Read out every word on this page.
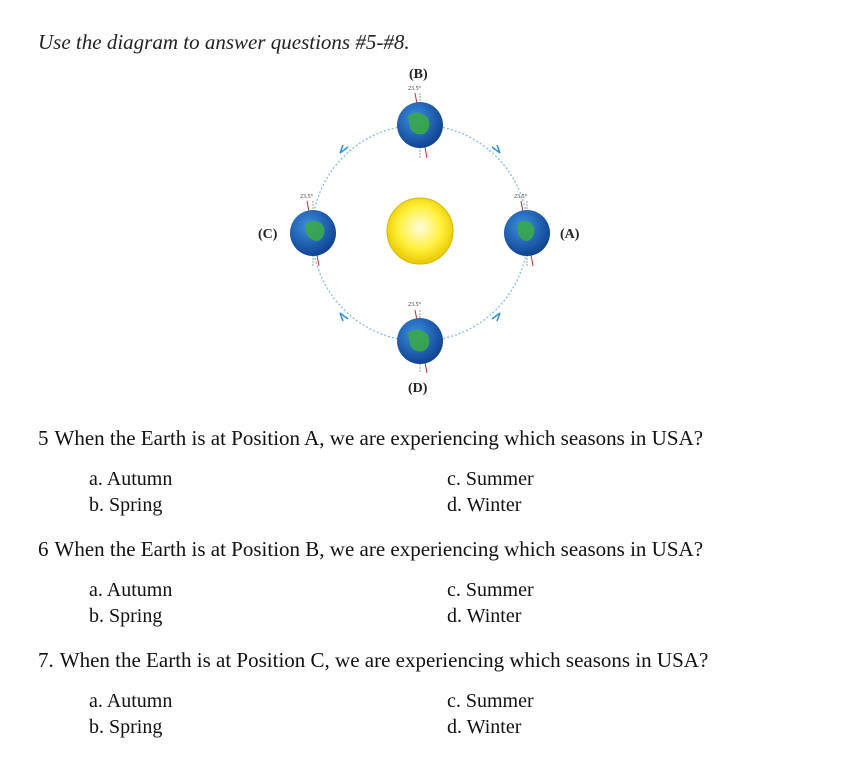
Use the diagram to answer questions #5-#8.
23.5°
(B)
23.5°
(A)
23.5°
(C)
23.5°
(D)
5 When the Earth is at Position A, we are experiencing which seasons in USA?
a. Autumn
b. Spring
c. Summer
d. Winter
6 When the Earth is at Position B, we are experiencing which seasons in USA?
a. Autumn
b. Spring
c. Summer
d. Winter
7. When the Earth is at Position C, we are experiencing which seasons in USA?
a. Autumn
b. Spring
c. Summer
d. Winter
